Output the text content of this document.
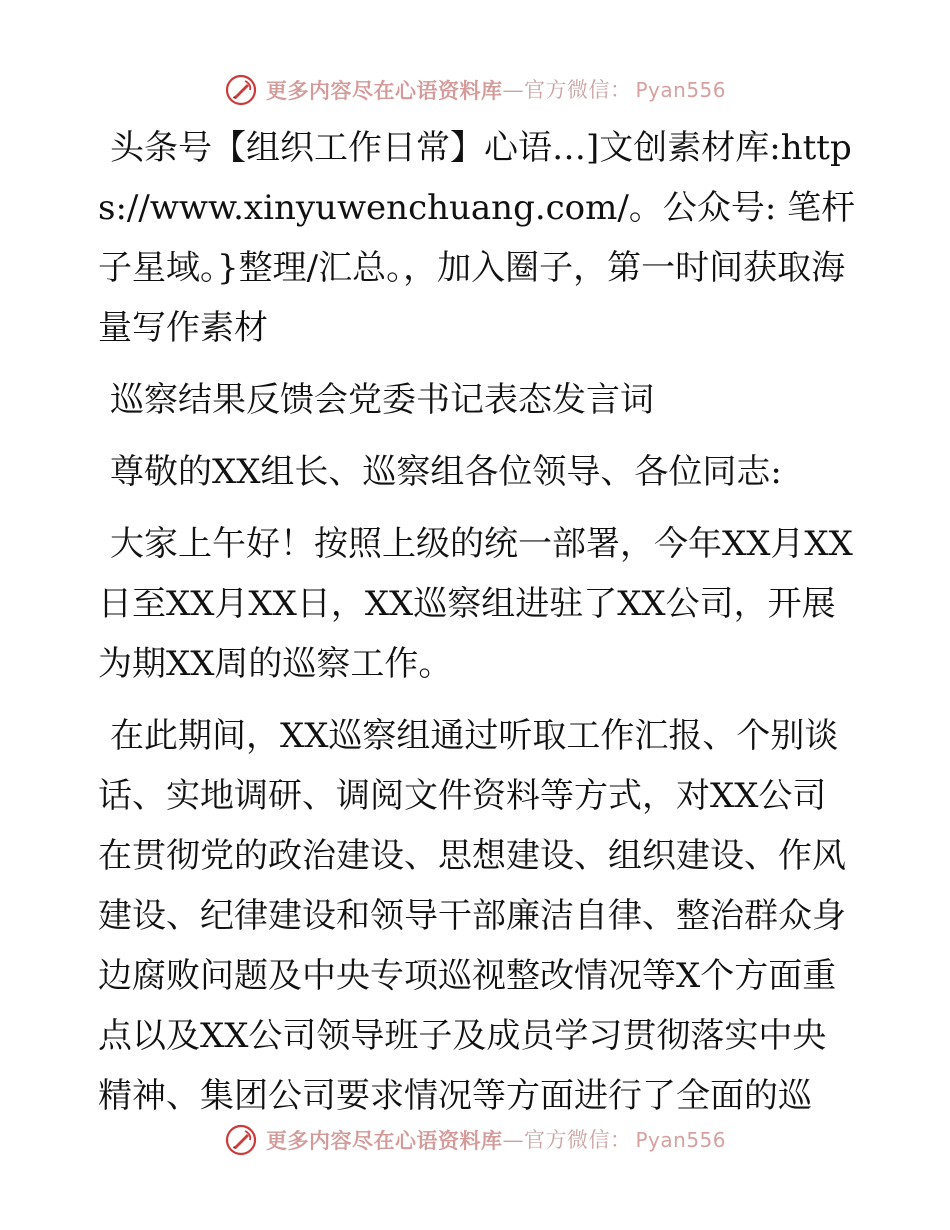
更多内容尽在心语资料库 — 官方微信： Pyan556

头条号【组织工作日常】心语…]文创素材库:https://www.xinyuwenchuang.com/。公众号: 笔杆子星域。}整理/汇总。，加入圈子，第一时间获取海量写作素材

巡察结果反馈会党委书记表态发言词

尊敬的XX组长、巡察组各位领导、各位同志:

大家上午好！按照上级的统一部署，今年XX月XX日至XX月XX日，XX巡察组进驻了XX公司，开展为期XX周的巡察工作。

在此期间，XX巡察组通过听取工作汇报、个别谈话、实地调研、调阅文件资料等方式，对XX公司在贯彻党的政治建设、思想建设、组织建设、作风建设、纪律建设和领导干部廉洁自律、整治群众身边腐败问题及中央专项巡视整改情况等X个方面重点以及XX公司领导班子及成员学习贯彻落实中央精神、集团公司要求情况等方面进行了全面的巡

更多内容尽在心语资料库 — 官方微信： Pyan556
